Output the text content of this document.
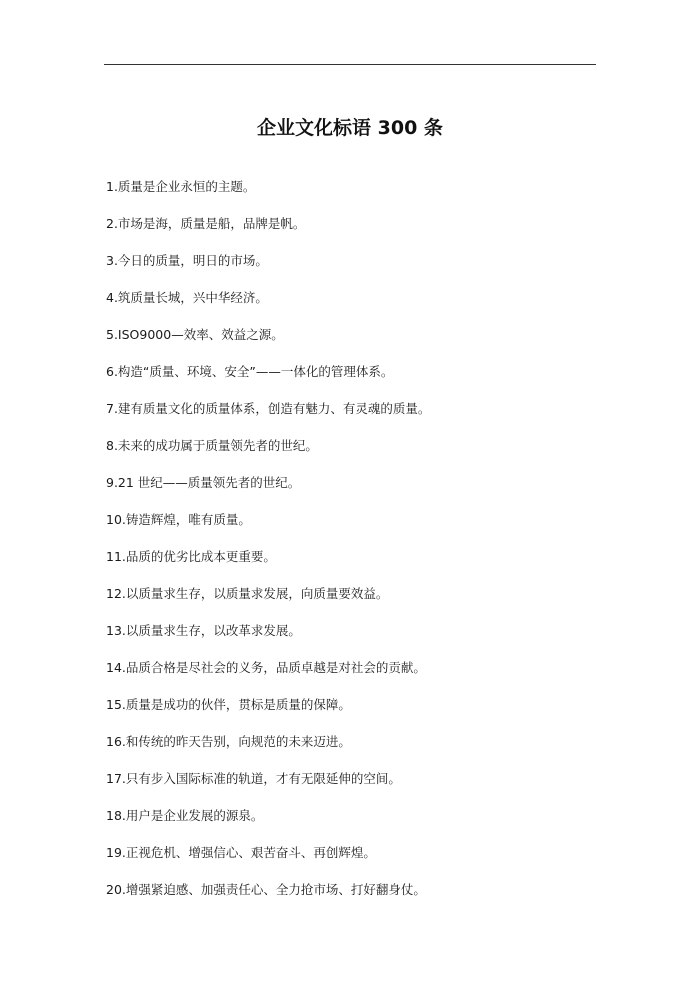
企业文化标语 300 条
1.质量是企业永恒的主题。
2.市场是海，质量是船，品牌是帆。
3.今日的质量，明日的市场。
4.筑质量长城，兴中华经济。
5.ISO9000—效率、效益之源。
6.构造“质量、环境、安全”——一体化的管理体系。
7.建有质量文化的质量体系，创造有魅力、有灵魂的质量。
8.未来的成功属于质量领先者的世纪。
9.21 世纪——质量领先者的世纪。
10.铸造辉煌，唯有质量。
11.品质的优劣比成本更重要。
12.以质量求生存，以质量求发展，向质量要效益。
13.以质量求生存，以改革求发展。
14.品质合格是尽社会的义务，品质卓越是对社会的贡献。
15.质量是成功的伙伴，贯标是质量的保障。
16.和传统的昨天告别，向规范的未来迈进。
17.只有步入国际标准的轨道，才有无限延伸的空间。
18.用户是企业发展的源泉。
19.正视危机、增强信心、艰苦奋斗、再创辉煌。
20.增强紧迫感、加强责任心、全力抢市场、打好翻身仗。
